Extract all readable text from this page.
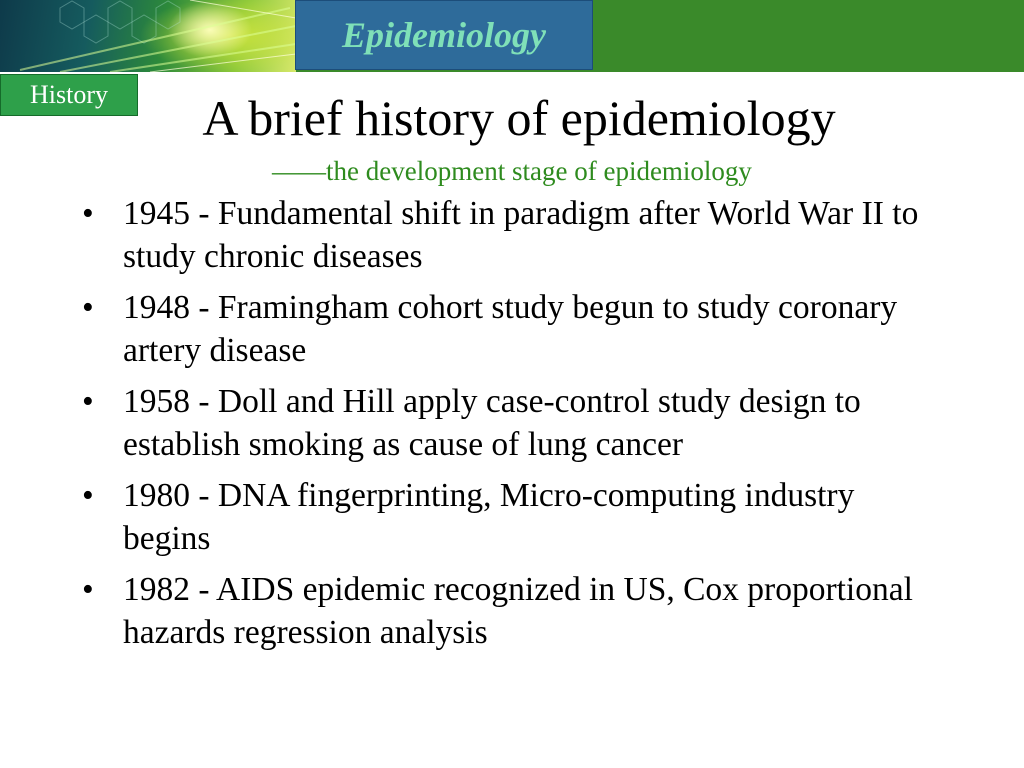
Epidemiology
History	A brief history of epidemiology
——the development stage of epidemiology
• 1945 - Fundamental shift in paradigm after World War II to study chronic diseases
• 1948 - Framingham cohort study begun to study coronary artery disease
• 1958 - Doll and Hill apply case-control study design to establish smoking as cause of lung cancer
• 1980 - DNA fingerprinting, Micro-computing industry begins
• 1982 - AIDS epidemic recognized in US, Cox proportional hazards regression analysis
